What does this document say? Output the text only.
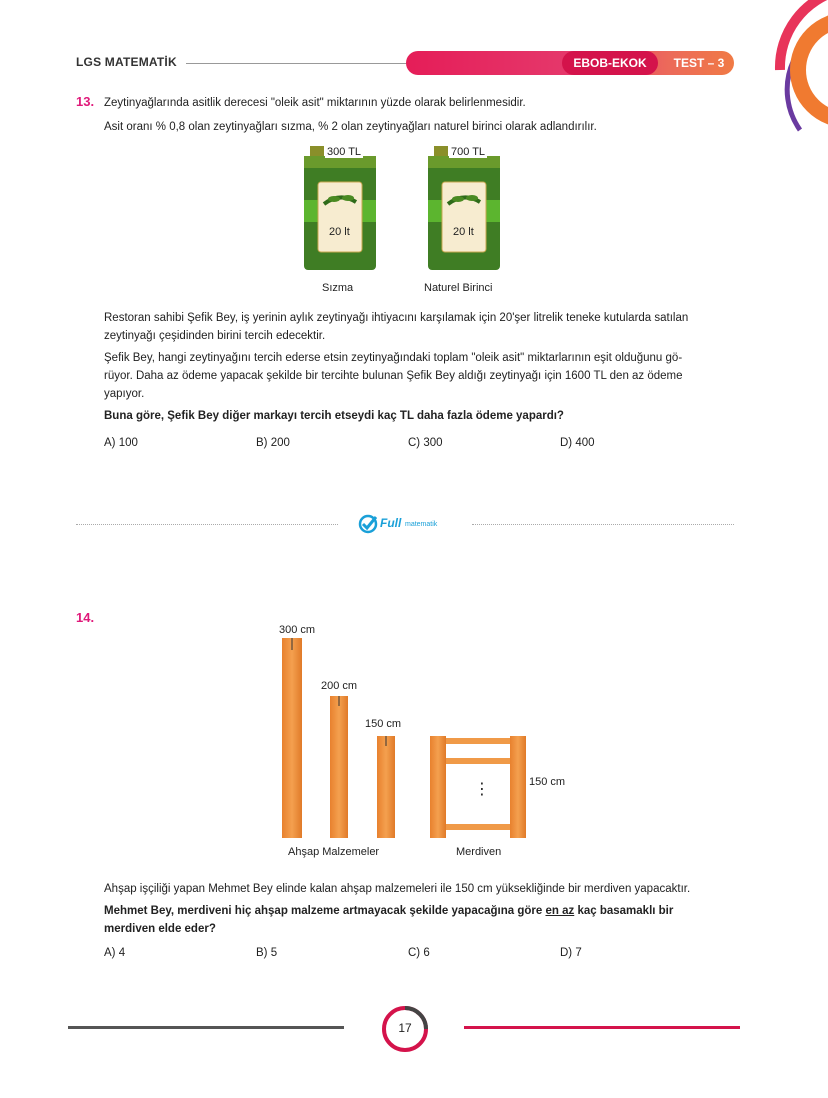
LGS MATEMATİK	EBOB-EKOK	TEST – 3
13. Zeytinyağlarında asitlik derecesi "oleik asit" miktarının yüzde olarak belirlenmesidir.
Asit oranı % 0,8 olan zeytinyağları sızma, % 2 olan zeytinyağları naturel birinci olarak adlandırılır.
300 TL
20 lt
Sızma
700 TL
20 lt
Naturel Birinci
Restoran sahibi Şefik Bey, iş yerinin aylık zeytinyağı ihtiyacını karşılamak için 20'şer litrelik teneke kutularda satılan
zeytinyağı çeşidinden birini tercih edecektir.
Şefik Bey, hangi zeytinyağını tercih ederse etsin zeytinyağındaki toplam "oleik asit" miktarlarının eşit olduğunu gö-
rüyor. Daha az ödeme yapacak şekilde bir tercihte bulunan Şefik Bey aldığı zeytinyağı için 1600 TL den az ödeme
yapıyor.
Buna göre, Şefik Bey diğer markayı tercih etseydi kaç TL daha fazla ödeme yapardı?
A) 100	B) 200	C) 300	D) 400
Full matematik
14.
300 cm
200 cm
150 cm
⋮	150 cm
Ahşap Malzemeler	Merdiven
Ahşap işçiliği yapan Mehmet Bey elinde kalan ahşap malzemeleri ile 150 cm yüksekliğinde bir merdiven yapacaktır.
Mehmet Bey, merdiveni hiç ahşap malzeme artmayacak şekilde yapacağına göre en az kaç basamaklı bir
merdiven elde eder?
A) 4	B) 5	C) 6	D) 7
17
